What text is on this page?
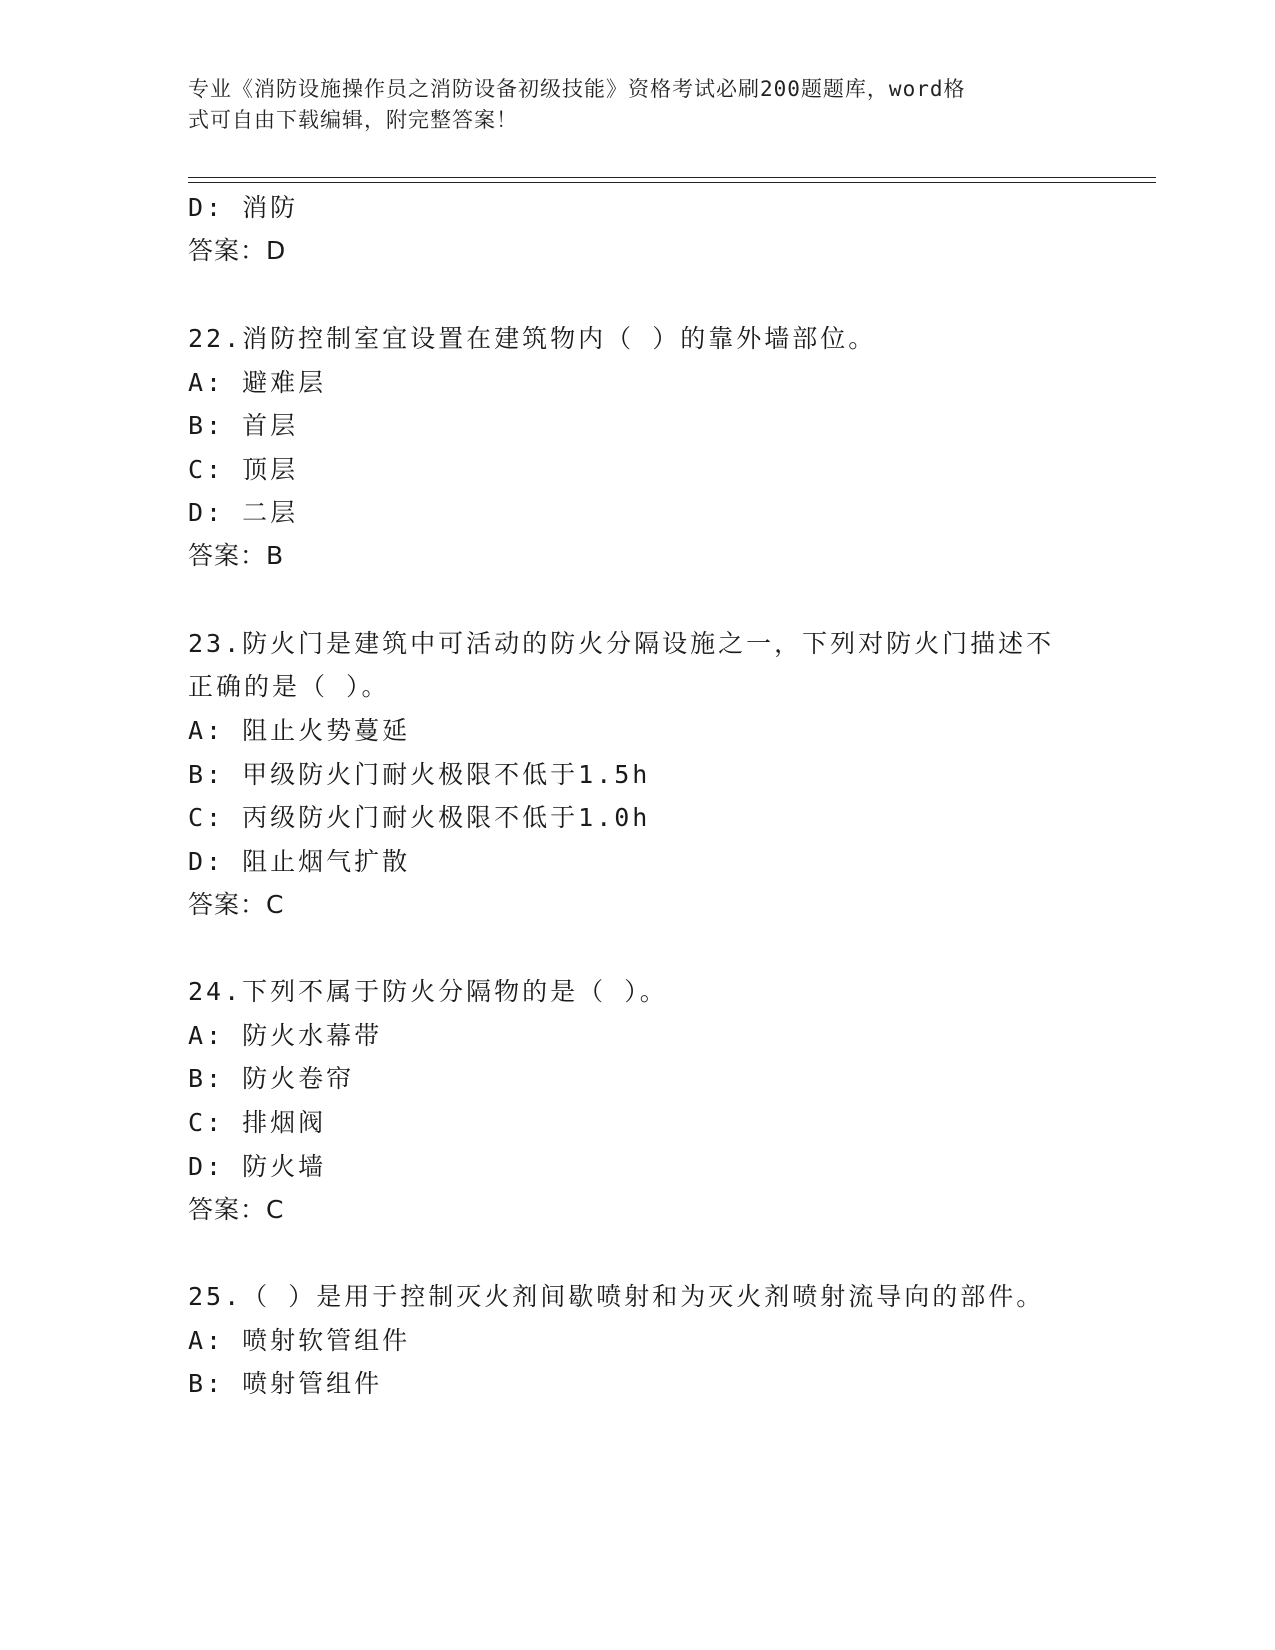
专业《消防设施操作员之消防设备初级技能》资格考试必刷200题题库，word格
式可自由下载编辑，附完整答案！
D: 消防
答案：D
22.消防控制室宜设置在建筑物内（ ）的靠外墙部位。
A: 避难层
B: 首层
C: 顶层
D: 二层
答案：B
23.防火门是建筑中可活动的防火分隔设施之一，下列对防火门描述不
正确的是（ ）。
A: 阻止火势蔓延
B: 甲级防火门耐火极限不低于1.5h
C: 丙级防火门耐火极限不低于1.0h
D: 阻止烟气扩散
答案：C
24.下列不属于防火分隔物的是（ ）。
A: 防火水幕带
B: 防火卷帘
C: 排烟阀
D: 防火墙
答案：C
25.（ ）是用于控制灭火剂间歇喷射和为灭火剂喷射流导向的部件。
A: 喷射软管组件
B: 喷射管组件
